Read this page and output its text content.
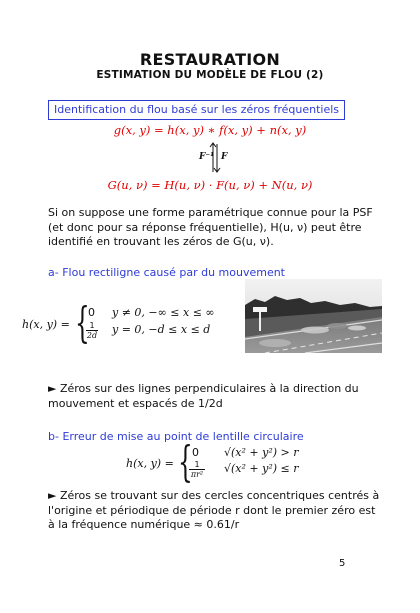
RESTAURATION
ESTIMATION DU MODÈLE DE FLOU (2)
Identification du flou basé sur les zéros fréquentiels
g(x, y) = h(x, y) ∗ f(x, y) + n(x, y)
F⁻¹ F
G(u, ν) = H(u, ν) · F(u, ν) + N(u, ν)
Si on suppose une forme paramétrique connue pour la PSF (et donc pour sa réponse fréquentielle), H(u, ν) peut être identifié en trouvant les zéros de G(u, ν).
a- Flou rectiligne causé par du mouvement
h(x, y) = {
0 y ≠ 0, −∞ ≤ x ≤ ∞
$\frac{1}{2d}$ y = 0, −d ≤ x ≤ d
► Zéros sur des lignes perpendiculaires à la direction du mouvement et espacés de 1/2d
b- Erreur de mise au point de lentille circulaire
h(x, y) = { 0 √(x² + y²) > r
$\frac{1}{\text{πr²}} √(x^2 + y^2) \le r$
► Zéros se trouvant sur des cercles concentriques centrés à l'origine et périodique de période r dont le premier zéro est à la fréquence numérique ≈ 0.61/r
5
